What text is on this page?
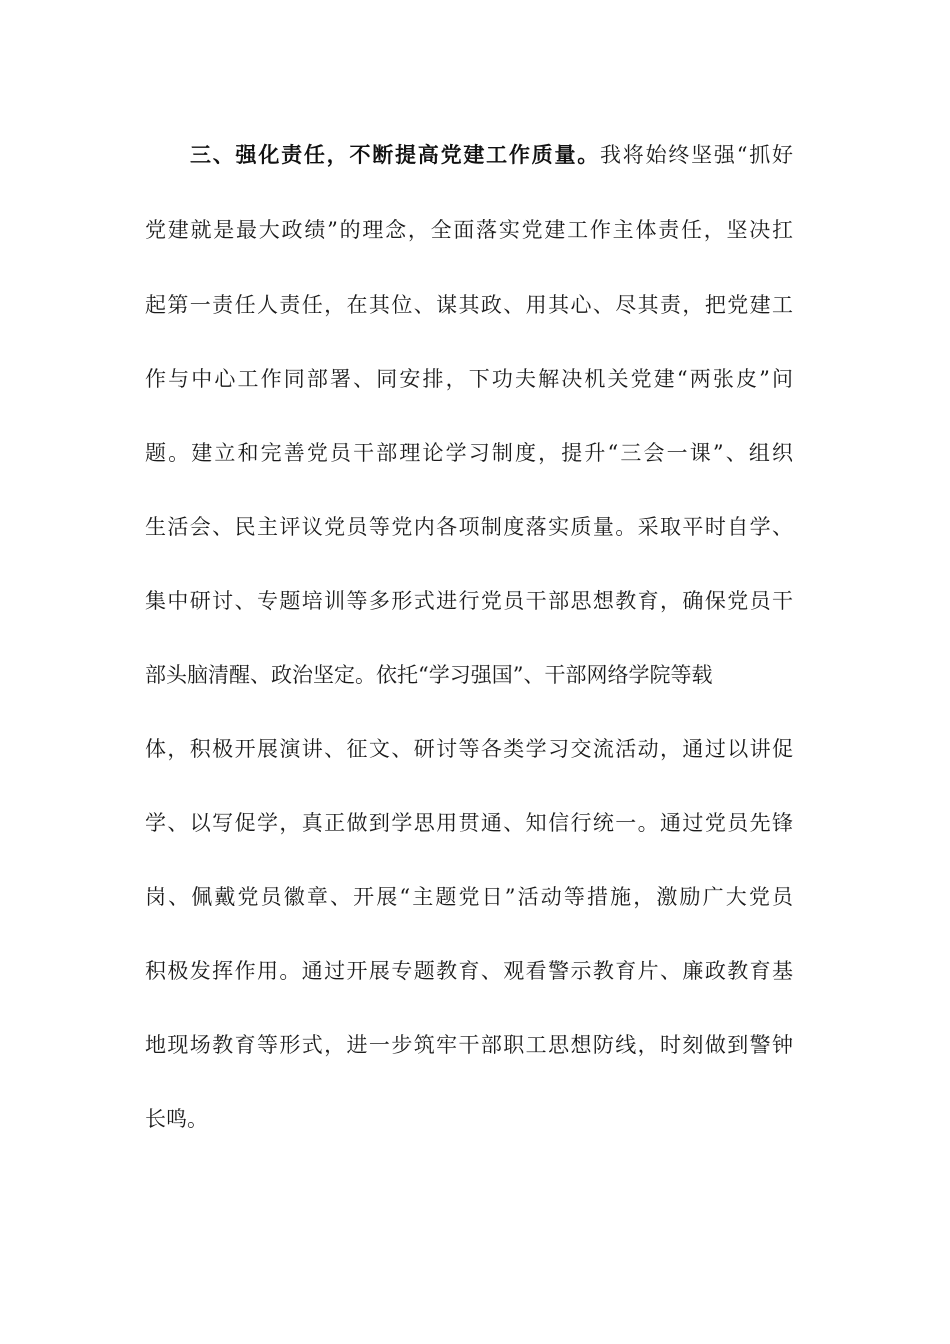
三、强化责任，不断提高党建工作质量。我将始终坚强“抓好
党建就是最大政绩”的理念，全面落实党建工作主体责任，坚决扛
起第一责任人责任，在其位、谋其政、用其心、尽其责，把党建工
作与中心工作同部署、同安排，下功夫解决机关党建“两张皮”问
题。建立和完善党员干部理论学习制度，提升“三会一课”、组织
生活会、民主评议党员等党内各项制度落实质量。采取平时自学、
集中研讨、专题培训等多形式进行党员干部思想教育，确保党员干
部头脑清醒、政治坚定。依托“学习强国”、干部网络学院等载
体，积极开展演讲、征文、研讨等各类学习交流活动，通过以讲促
学、以写促学，真正做到学思用贯通、知信行统一。通过党员先锋
岗、佩戴党员徽章、开展“主题党日”活动等措施，激励广大党员
积极发挥作用。通过开展专题教育、观看警示教育片、廉政教育基
地现场教育等形式，进一步筑牢干部职工思想防线，时刻做到警钟
长鸣。
